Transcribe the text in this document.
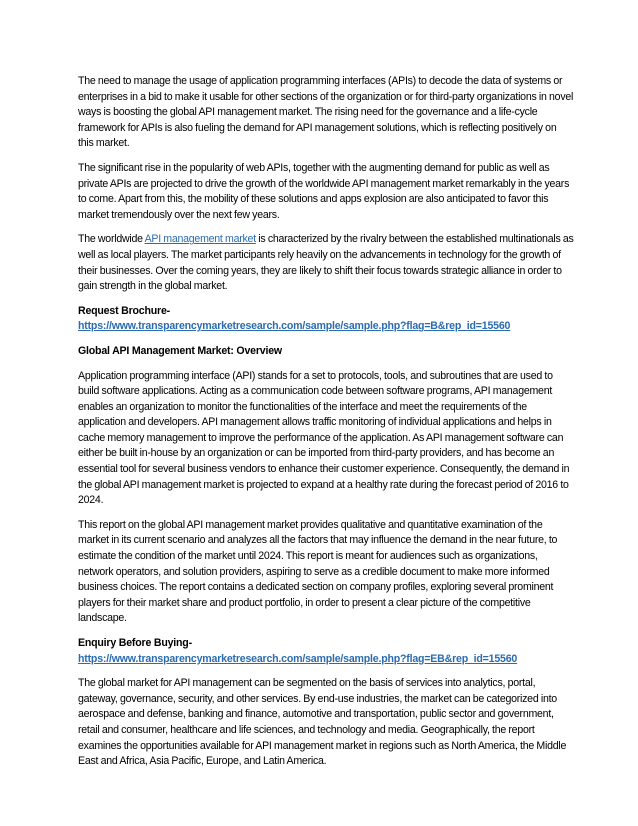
The need to manage the usage of application programming interfaces (APIs) to decode the data of systems or enterprises in a bid to make it usable for other sections of the organization or for third-party organizations in novel ways is boosting the global API management market. The rising need for the governance and a life-cycle framework for APIs is also fueling the demand for API management solutions, which is reflecting positively on this market.

The significant rise in the popularity of web APIs, together with the augmenting demand for public as well as private APIs are projected to drive the growth of the worldwide API management market remarkably in the years to come. Apart from this, the mobility of these solutions and apps explosion are also anticipated to favor this market tremendously over the next few years.

The worldwide API management market is characterized by the rivalry between the established multinationals as well as local players. The market participants rely heavily on the advancements in technology for the growth of their businesses. Over the coming years, they are likely to shift their focus towards strategic alliance in order to gain strength in the global market.

Request Brochure-

https://www.transparencymarketresearch.com/sample/sample.php?flag=B&rep_id=15560

Global API Management Market: Overview

Application programming interface (API) stands for a set to protocols, tools, and subroutines that are used to build software applications. Acting as a communication code between software programs, API management enables an organization to monitor the functionalities of the interface and meet the requirements of the application and developers. API management allows traffic monitoring of individual applications and helps in cache memory management to improve the performance of the application. As API management software can either be built in-house by an organization or can be imported from third-party providers, and has become an essential tool for several business vendors to enhance their customer experience. Consequently, the demand in the global API management market is projected to expand at a healthy rate during the forecast period of 2016 to 2024.

This report on the global API management market provides qualitative and quantitative examination of the market in its current scenario and analyzes all the factors that may influence the demand in the near future, to estimate the condition of the market until 2024. This report is meant for audiences such as organizations, network operators, and solution providers, aspiring to serve as a credible document to make more informed business choices. The report contains a dedicated section on company profiles, exploring several prominent players for their market share and product portfolio, in order to present a clear picture of the competitive landscape.

Enquiry Before Buying-

https://www.transparencymarketresearch.com/sample/sample.php?flag=EB&rep_id=15560

The global market for API management can be segmented on the basis of services into analytics, portal, gateway, governance, security, and other services. By end-use industries, the market can be categorized into aerospace and defense, banking and finance, automotive and transportation, public sector and government, retail and consumer, healthcare and life sciences, and technology and media. Geographically, the report examines the opportunities available for API management market in regions such as North America, the Middle East and Africa, Asia Pacific, Europe, and Latin America.
